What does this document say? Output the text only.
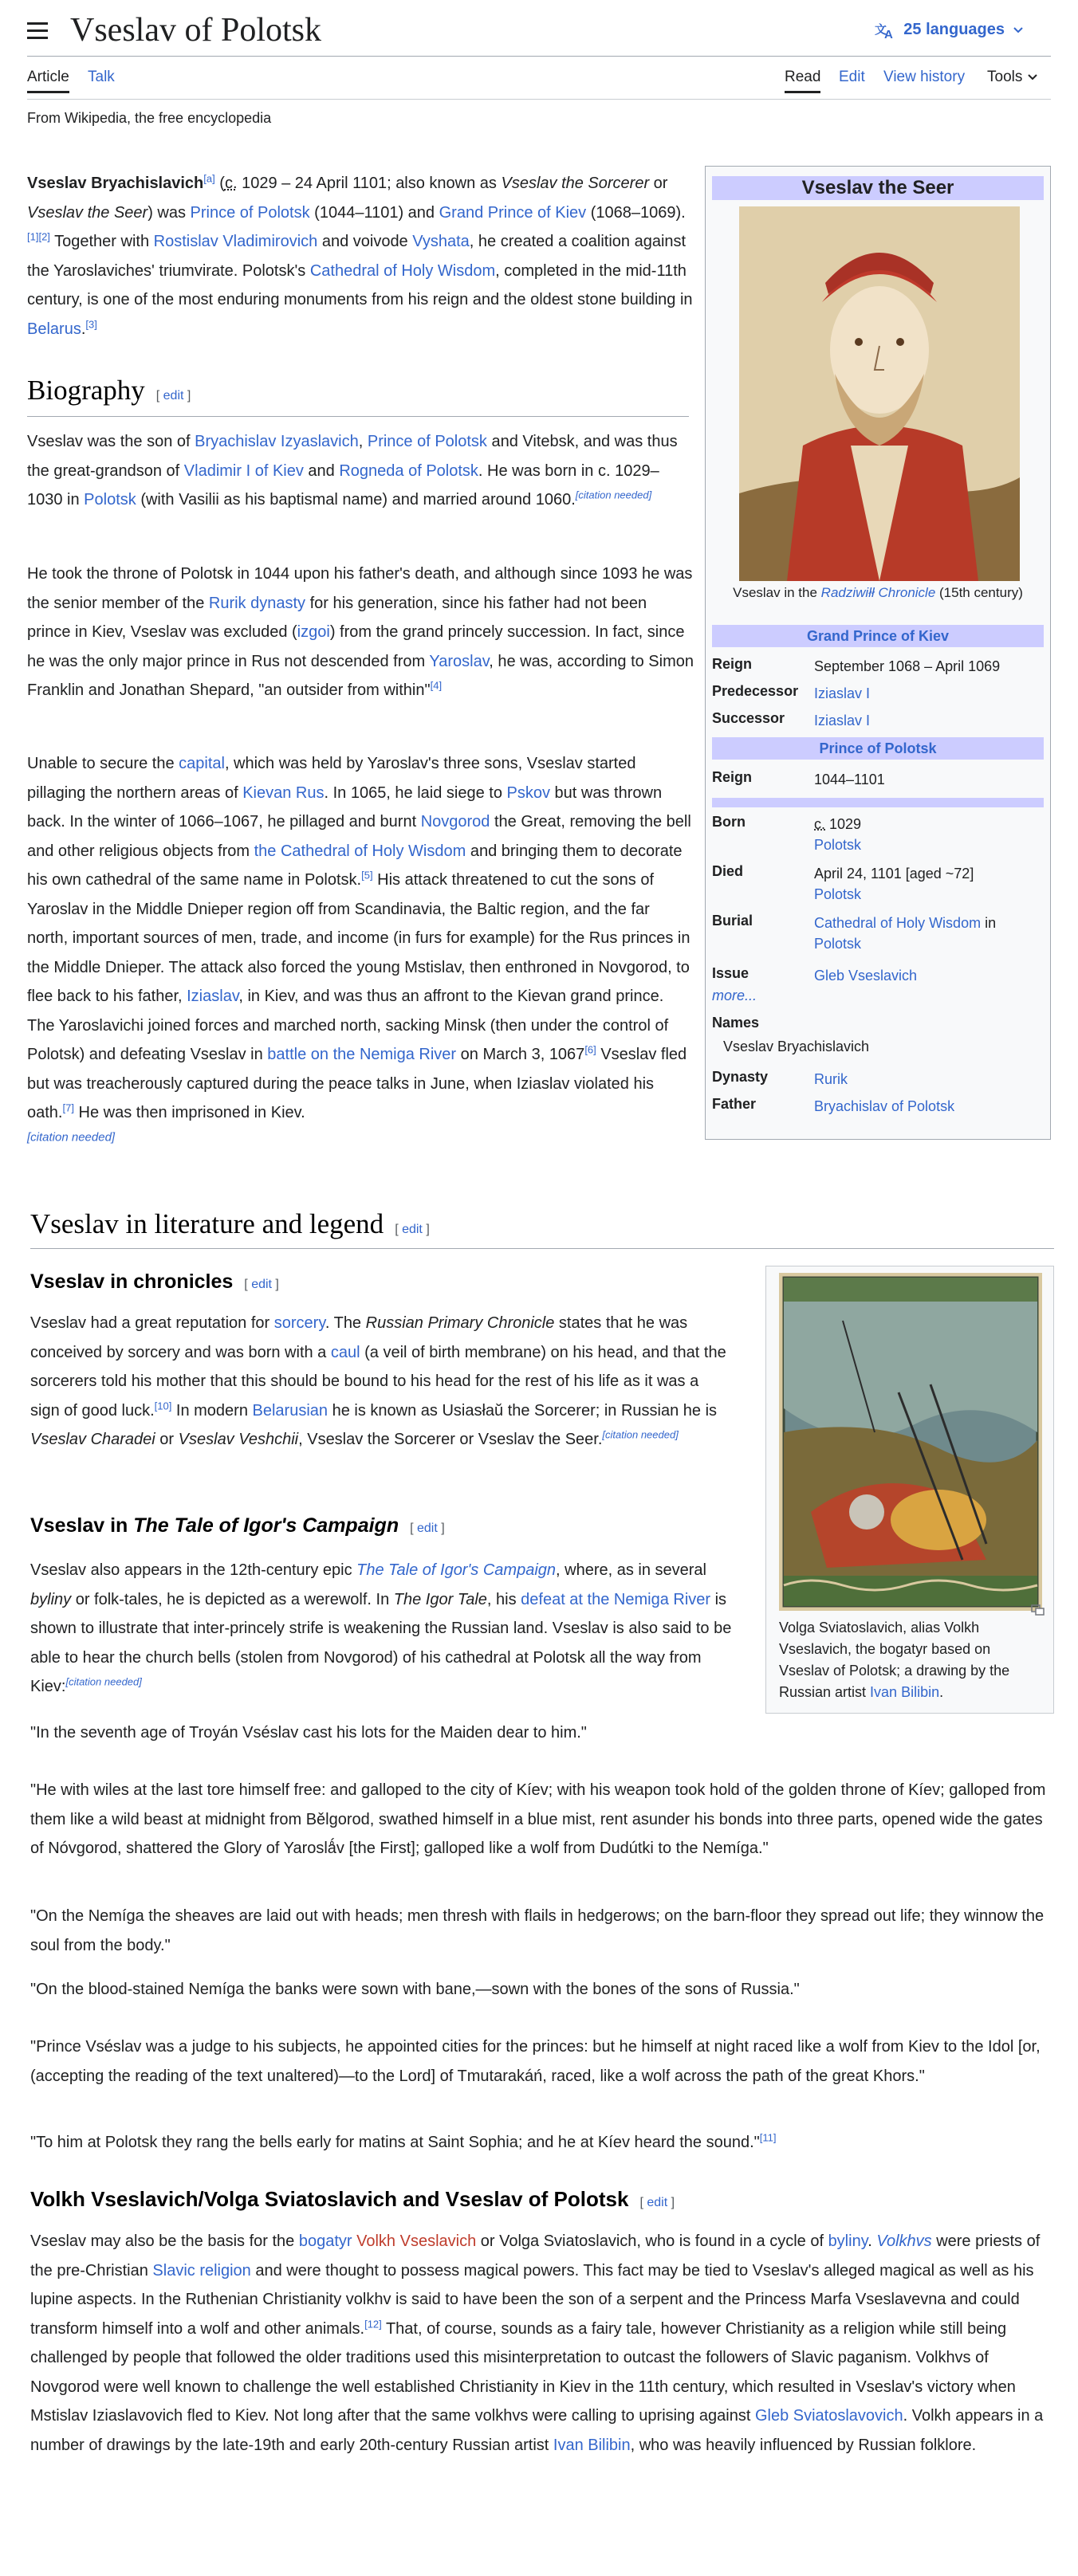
Vseslav of Polotsk	文
A 25 languages
Article Talk	Read Edit View history Tools
From Wikipedia, the free encyclopedia

Vseslav Bryachislavich[a] (c. 1029 – 24 April 1101; also known as Vseslav the Sorcerer or Vseslav the Seer) was Prince of Polotsk (1044–1101) and Grand Prince of Kiev (1068–1069).[1][2] Together with Rostislav Vladimirovich and voivode Vyshata, he created a coalition against the Yaroslaviches' triumvirate. Polotsk's Cathedral of Holy Wisdom, completed in the mid-11th century, is one of the most enduring monuments from his reign and the oldest stone building in Belarus.[3]

Biography [ edit ]

Vseslav was the son of Bryachislav Izyaslavich, Prince of Polotsk and Vitebsk, and was thus the great-grandson of Vladimir I of Kiev and Rogneda of Polotsk. He was born in c. 1029–1030 in Polotsk (with Vasilii as his baptismal name) and married around 1060.[citation needed]

He took the throne of Polotsk in 1044 upon his father's death, and although since 1093 he was the senior member of the Rurik dynasty for his generation, since his father had not been prince in Kiev, Vseslav was excluded (izgoi) from the grand princely succession. In fact, since he was the only major prince in Rus not descended from Yaroslav, he was, according to Simon Franklin and Jonathan Shepard, "an outsider from within"[4]

Unable to secure the capital, which was held by Yaroslav's three sons, Vseslav started pillaging the northern areas of Kievan Rus. In 1065, he laid siege to Pskov but was thrown back. In the winter of 1066–1067, he pillaged and burnt Novgorod the Great, removing the bell and other religious objects from the Cathedral of Holy Wisdom and bringing them to decorate his own cathedral of the same name in Polotsk.[5] His attack threatened to cut the sons of Yaroslav in the Middle Dnieper region off from Scandinavia, the Baltic region, and the far north, important sources of men, trade, and income (in furs for example) for the Rus princes in the Middle Dnieper. The attack also forced the young Mstislav, then enthroned in Novgorod, to flee back to his father, Iziaslav, in Kiev, and was thus an affront to the Kievan grand prince. The Yaroslavichi joined forces and marched north, sacking Minsk (then under the control of Polotsk) and defeating Vseslav in battle on the Nemiga River on March 3, 1067[6] Vseslav fled but was treacherously captured during the peace talks in June, when Iziaslav violated his oath.[7] He was then imprisoned in Kiev.
[citation needed]

Vseslav the Seer
Vseslav in the Radziwiłł Chronicle (15th century)
Grand Prince of Kiev
Reign	September 1068 – April 1069
Predecessor Iziaslav I
Successor Iziaslav I
Prince of Polotsk
Reign	1044–1101
Born	c. 1029
Polotsk
Died	April 24, 1101 [aged ~72]
Polotsk
Burial	Cathedral of Holy Wisdom in
Polotsk
Issue	Gleb Vseslavich
more...
Names
Vseslav Bryachislavich
Dynasty	Rurik
Father	Bryachislav of Polotsk
Vseslav in literature and legend [ edit ]
Vseslav in chronicles [ edit ]

Vseslav had a great reputation for sorcery. The Russian Primary Chronicle states that he was conceived by sorcery and was born with a caul (a veil of birth membrane) on his head, and that the sorcerers told his mother that this should be bound to his head for the rest of his life as it was a sign of good luck.[10] In modern Belarusian he is known as Usiasłaŭ the Sorcerer; in Russian he is Vseslav Charadei or Vseslav Veshchii, Vseslav the Sorcerer or Vseslav the Seer.[citation needed]

Vseslav in The Tale of Igor's Campaign [ edit ]

Vseslav also appears in the 12th-century epic The Tale of Igor's Campaign, where, as in several byliny or folk-tales, he is depicted as a werewolf. In The Igor Tale, his defeat at the Nemiga River is shown to illustrate that inter-princely strife is weakening the Russian land. Vseslav is also said to be able to hear the church bells (stolen from Novgorod) of his cathedral at Polotsk all the way from Kiev:[citation needed]

Volga Sviatoslavich, alias Volkh Vseslavich, the bogatyr based on Vseslav of Polotsk; a drawing by the Russian artist Ivan Bilibin.

"In the seventh age of Troyán Vséslav cast his lots for the Maiden dear to him."

"He with wiles at the last tore himself free: and galloped to the city of Kíev; with his weapon took hold of the golden throne of Kíev; galloped from them like a wild beast at midnight from Bělgorod, swathed himself in a blue mist, rent asunder his bonds into three parts, opened wide the gates of Nóvgorod, shattered the Glory of Yaroslǻv [the First]; galloped like a wolf from Dudútki to the Nemíga."

"On the Nemíga the sheaves are laid out with heads; men thresh with flails in hedgerows; on the barn-floor they spread out life; they winnow the soul from the body."

"On the blood-stained Nemíga the banks were sown with bane,—sown with the bones of the sons of Russia."

"Prince Vséslav was a judge to his subjects, he appointed cities for the princes: but he himself at night raced like a wolf from Kiev to the Idol [or, (accepting the reading of the text unaltered)—to the Lord] of Tmutarakáń, raced, like a wolf across the path of the great Khors."

"To him at Polotsk they rang the bells early for matins at Saint Sophia; and he at Kíev heard the sound."[11]

Volkh Vseslavich/Volga Sviatoslavich and Vseslav of Polotsk [ edit ]

Vseslav may also be the basis for the bogatyr Volkh Vseslavich or Volga Sviatoslavich, who is found in a cycle of byliny. Volkhvs were priests of the pre-Christian Slavic religion and were thought to possess magical powers. This fact may be tied to Vseslav's alleged magical as well as his lupine aspects. In the Ruthenian Christianity volkhv is said to have been the son of a serpent and the Princess Marfa Vseslavevna and could transform himself into a wolf and other animals.[12] That, of course, sounds as a fairy tale, however Christianity as a religion while still being challenged by people that followed the older traditions used this misinterpretation to outcast the followers of Slavic paganism. Volkhvs of Novgorod were well known to challenge the well established Christianity in Kiev in the 11th century, which resulted in Vseslav's victory when Mstislav Iziaslavovich fled to Kiev. Not long after that the same volkhvs were calling to uprising against Gleb Sviatoslavovich. Volkh appears in a number of drawings by the late-19th and early 20th-century Russian artist Ivan Bilibin, who was heavily influenced by Russian folklore.
